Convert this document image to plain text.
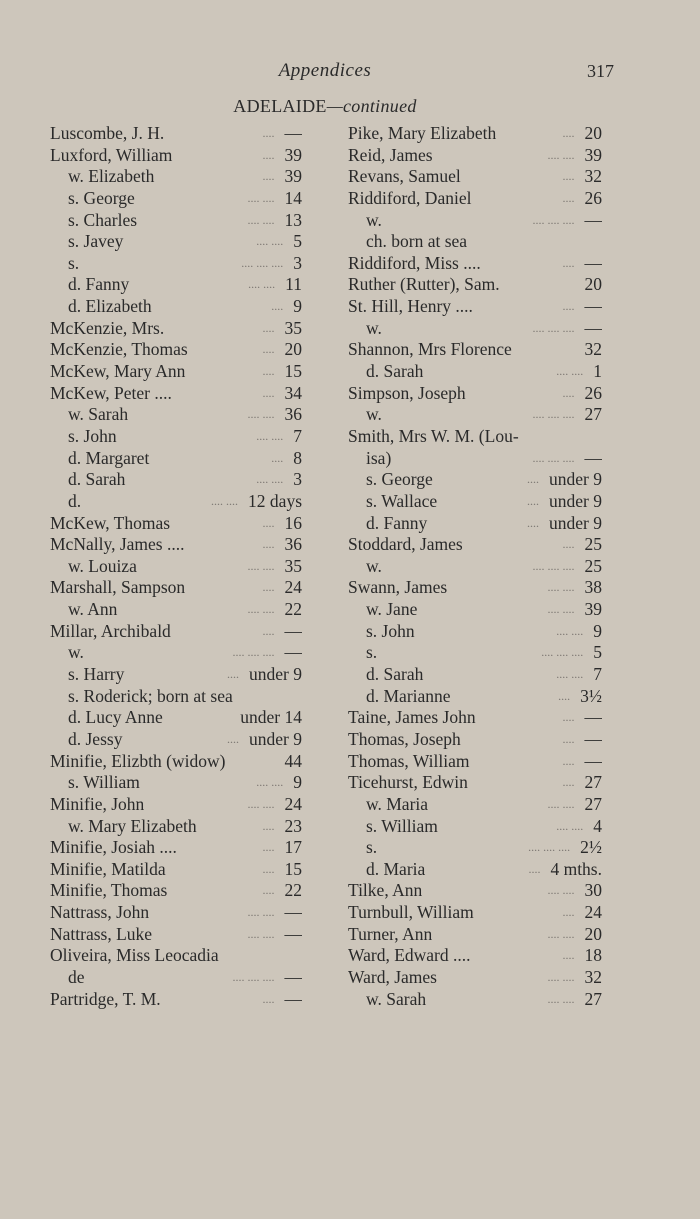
Appendices	317
ADELAIDE—continued
Luscombe, J. H.	.... —
Luxford, William	.... 39
w. Elizabeth	.... 39
s. George	.... .... 14
s. Charles	.... .... 13
s. Javey	.... .... 5
s.	.... .... .... 3
d. Fanny	.... .... 11
d. Elizabeth	.... 9
McKenzie, Mrs.	.... 35
McKenzie, Thomas	.... 20
McKew, Mary Ann	.... 15
McKew, Peter ....	.... 34
w. Sarah	.... .... 36
s. John	.... .... 7
d. Margaret	.... 8
d. Sarah	.... .... 3
d.	.... .... 12 days
McKew, Thomas	.... 16
McNally, James ....	.... 36
w. Louiza	.... .... 35
Marshall, Sampson	.... 24
w. Ann	.... .... 22
Millar, Archibald	.... —
w.	.... .... .... —
s. Harry	.... under 9
s. Roderick; born at sea
d. Lucy Anne	under 14
d. Jessy	.... under 9
Minifie, Elizbth (widow)	44
s. William	.... .... 9
Minifie, John	.... .... 24
w. Mary Elizabeth	.... 23
Minifie, Josiah ....	.... 17
Minifie, Matilda	.... 15
Minifie, Thomas	.... 22
Nattrass, John	.... .... —
Nattrass, Luke	.... .... —
Oliveira, Miss Leocadia
de	.... .... .... —
Partridge, T. M.	.... —
Pike, Mary Elizabeth	.... 20
Reid, James	.... .... 39
Revans, Samuel	.... 32
Riddiford, Daniel	.... 26
w.	.... .... .... —
ch. born at sea
Riddiford, Miss ....	.... —
Ruther (Rutter), Sam.	20
St. Hill, Henry ....	.... —
w.	.... .... .... —
Shannon, Mrs Florence	32
d. Sarah	.... .... 1
Simpson, Joseph	.... 26
w.	.... .... .... 27
Smith, Mrs W. M. (Lou-
isa)	.... .... .... —
s. George	.... under 9
s. Wallace	.... under 9
d. Fanny	.... under 9
Stoddard, James	.... 25
w.	.... .... .... 25
Swann, James	.... .... 38
w. Jane	.... .... 39
s. John	.... .... 9
s.	.... .... .... 5
d. Sarah	.... .... 7
d. Marianne	.... 3½
Taine, James John	.... —
Thomas, Joseph	.... —
Thomas, William	.... —
Ticehurst, Edwin	.... 27
w. Maria	.... .... 27
s. William	.... .... 4
s.	.... .... .... 2½
d. Maria	.... 4 mths.
Tilke, Ann	.... .... 30
Turnbull, William	.... 24
Turner, Ann	.... .... 20
Ward, Edward ....	.... 18
Ward, James	.... .... 32
w. Sarah	.... .... 27
